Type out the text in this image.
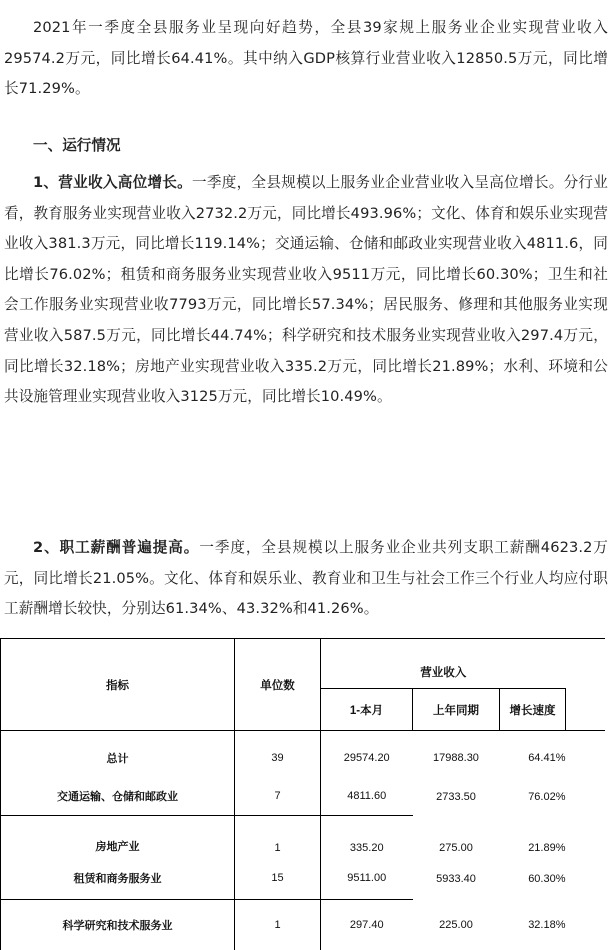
2021年一季度全县服务业呈现向好趋势，全县39家规上服务业企业实现营业收入29574.2万元，同比增长64.41%。其中纳入GDP核算行业营业收入12850.5万元，同比增长71.29%。

一、运行情况

1、营业收入高位增长。一季度，全县规模以上服务业企业营业收入呈高位增长。分行业看，教育服务业实现营业收入2732.2万元，同比增长493.96%；文化、体育和娱乐业实现营业收入381.3万元，同比增长119.14%；交通运输、仓储和邮政业实现营业收入4811.6，同比增长76.02%；租赁和商务服务业实现营业收入9511万元，同比增长60.30%；卫生和社会工作服务业实现营业收7793万元，同比增长57.34%；居民服务、修理和其他服务业实现营业收入587.5万元，同比增长44.74%；科学研究和技术服务业实现营业收入297.4万元，同比增长32.18%；房地产业实现营业收入335.2万元，同比增长21.89%；水利、环境和公共设施管理业实现营业收入3125万元，同比增长10.49%。

2、职工薪酬普遍提高。一季度，全县规模以上服务业企业共列支职工薪酬4623.2万元，同比增长21.05%。文化、体育和娱乐业、教育业和卫生与社会工作三个行业人均应付职工薪酬增长较快，分别达61.34%、43.32%和41.26%。

指标	单位数	营业收入			
		1-本月	上年同期	增长速度	

总计	39	29574.20	17988.30	64.41%	
交通运输、仓储和邮政业	7	4811.60	2733.50	76.02%	
房地产业	1	335.20	275.00	21.89%	
租赁和商务服务业	15	9511.00	5933.40	60.30%	
科学研究和技术服务业	1	297.40	225.00	32.18%	
